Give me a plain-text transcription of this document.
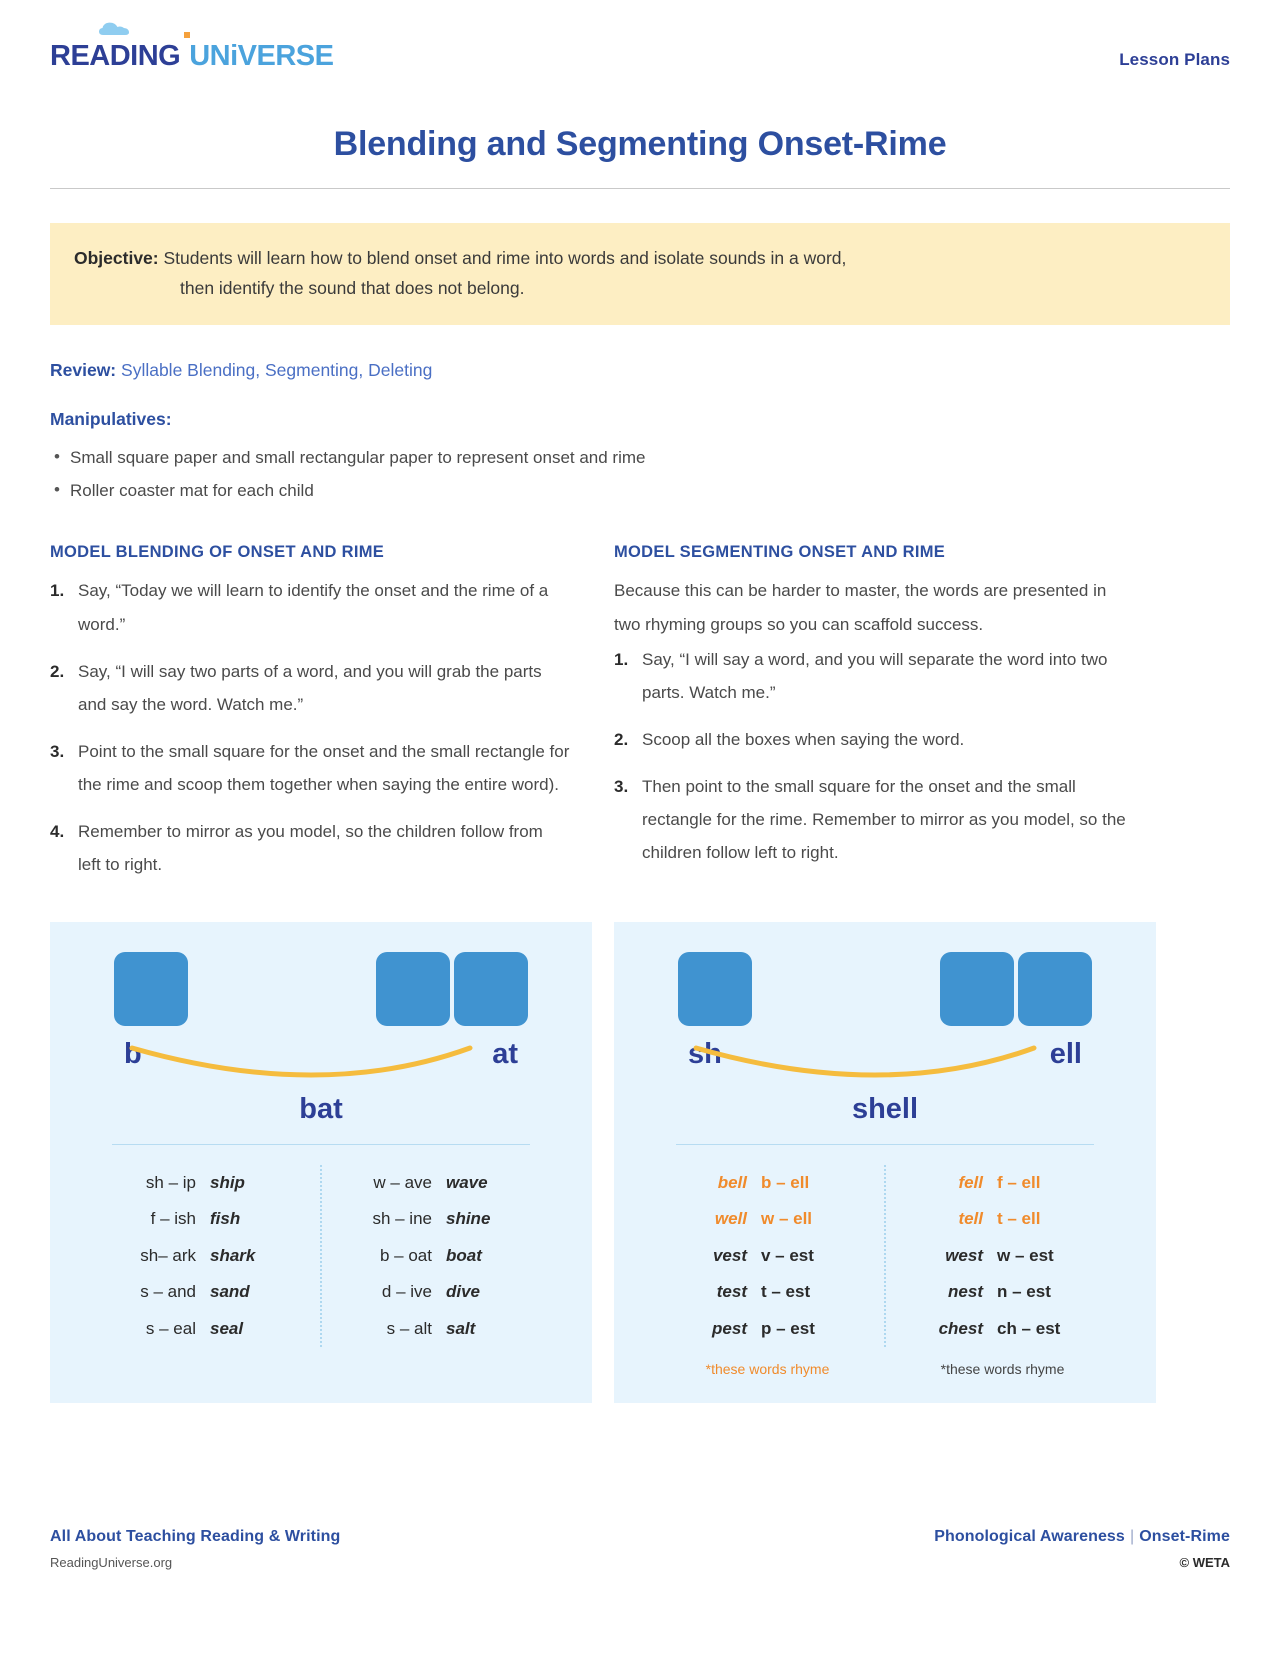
READING UNiVERSE	Lesson Plans
Blending and Segmenting Onset-Rime
Objective: Students will learn how to blend onset and rime into words and isolate sounds in a word,
then identify the sound that does not belong.
Review: Syllable Blending, Segmenting, Deleting
Manipulatives:
• Small square paper and small rectangular paper to represent onset and rime
• Roller coaster mat for each child
MODEL BLENDING OF ONSET AND RIME
1. Say, “Today we will learn to identify the onset and the rime of a word.”
2. Say, “I will say two parts of a word, and you will grab the parts and say the word. Watch me.”
3. Point to the small square for the onset and the small rectangle for the rime and scoop them together when saying the entire word).
4. Remember to mirror as you model, so the children follow from left to right.
MODEL SEGMENTING ONSET AND RIME
Because this can be harder to master, the words are presented in two rhyming groups so you can scaffold success.
1. Say, “I will say a word, and you will separate the word into two parts. Watch me.”
2. Scoop all the boxes when saying the word.
3. Then point to the small square for the onset and the small rectangle for the rime. Remember to mirror as you model, so the children follow left to right.
b	at
bat
sh – ip ship
f – ish fish
sh– ark shark
s – and sand
s – eal seal
w – ave wave
sh – ine shine
b – oat boat
d – ive dive
s – alt salt
sh	ell
shell
bell b – ell
well w – ell
vest v – est
test t – est
pest p – est
fell f – ell
tell t – ell
west w – est
nest n – est
chest ch – est
*these words rhyme	*these words rhyme
All About Teaching Reading & Writing
ReadingUniverse.org
Phonological Awareness | Onset-Rime
© WETA
